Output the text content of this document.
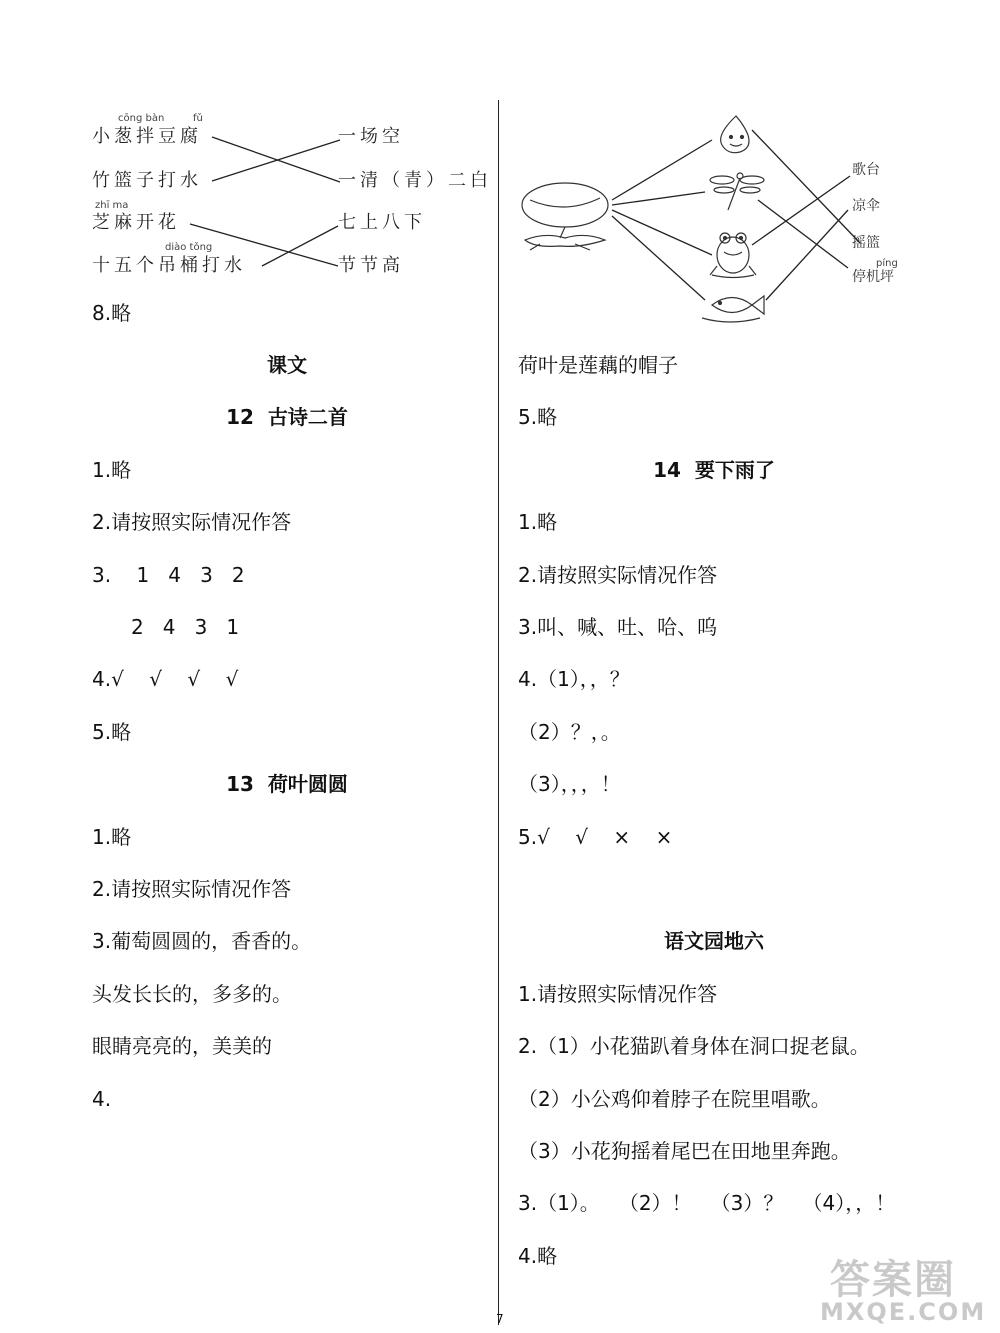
cōng bàn	fǔ
zhī ma
diào tǒng
小葱拌豆腐
竹篮子打水
芝麻开花
十五个吊桶打水
一场空
一清（青）二白
七上八下
节节高
8.略
课文
12  古诗二首
1.略
2.请按照实际情况作答
3.    1   4   3   2
2   4   3   1
4.√    √    √    √
5.略
13  荷叶圆圆
1.略
2.请按照实际情况作答
3.葡萄圆圆的，香香的。
头发长长的，多多的。
眼睛亮亮的，美美的
4.
歌台
凉伞
摇篮
píng
停机坪
荷叶是莲藕的帽子
5.略
14  要下雨了
1.略
2.请按照实际情况作答
3.叫、喊、吐、哈、呜
4.（1），，？
（2）？，。
（3），，，！
5.√    √    ×    ×
语文园地六
1.请按照实际情况作答
2.（1）小花猫趴着身体在洞口捉老鼠。
（2）小公鸡仰着脖子在院里唱歌。
（3）小花狗摇着尾巴在田地里奔跑。
3.（1）。   （2）！   （3）？   （4），，！
4.略
7
答案圈
MXQE.COM
